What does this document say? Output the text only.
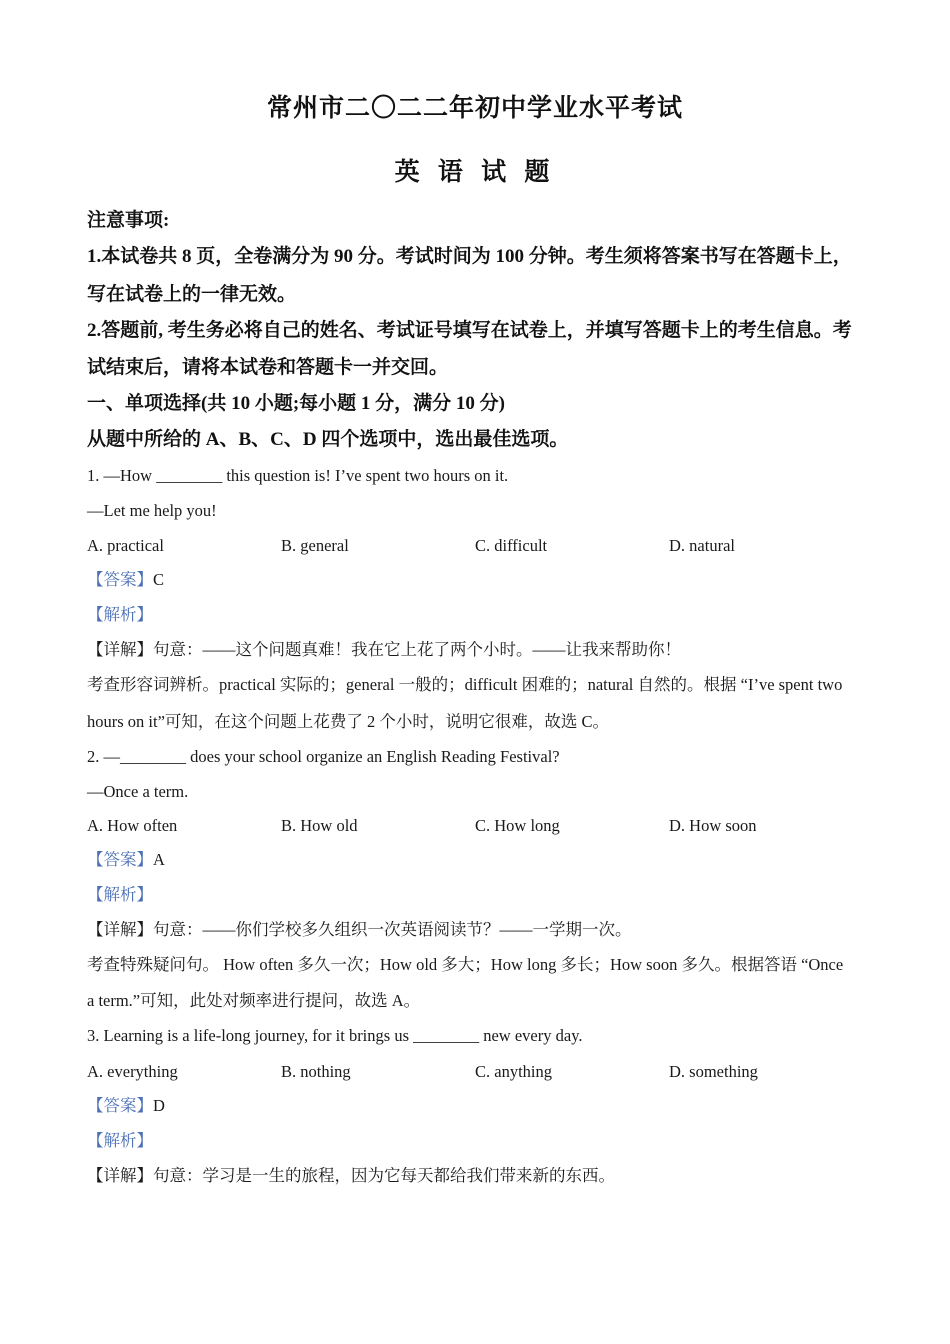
常州市二〇二二年初中学业水平考试
英 语 试 题
注意事项:
1.本试卷共 8 页，全卷满分为 90 分。考试时间为 100 分钟。考生须将答案书写在答题卡上，
写在试卷上的一律无效。
2.答题前, 考生务必将自己的姓名、考试证号填写在试卷上，并填写答题卡上的考生信息。考
试结束后，请将本试卷和答题卡一并交回。
一、单项选择(共 10 小题;每小题 1 分，满分 10 分)
从题中所给的 A、B、C、D 四个选项中，选出最佳选项。
1. —How ________ this question is! I’ve spent two hours on it.
—Let me help you!
A. practical	B. general	C. difficult	D. natural
【答案】C
【解析】
【详解】句意：——这个问题真难！我在它上花了两个小时。——让我来帮助你！
考查形容词辨析。practical 实际的；general 一般的；difficult 困难的；natural 自然的。根据 “I’ve spent two
hours on it”可知，在这个问题上花费了 2 个小时，说明它很难，故选 C。
2. —________ does your school organize an English Reading Festival?
—Once a term.
A. How often	B. How old	C. How long	D. How soon
【答案】A
【解析】
【详解】句意：——你们学校多久组织一次英语阅读节？——一学期一次。
考查特殊疑问句。 How often 多久一次；How old 多大；How long 多长；How soon 多久。根据答语 “Once
a term.”可知，此处对频率进行提问，故选 A。
3. Learning is a life-long journey, for it brings us ________ new every day.
A. everything	B. nothing	C. anything	D. something
【答案】D
【解析】
【详解】句意：学习是一生的旅程，因为它每天都给我们带来新的东西。
